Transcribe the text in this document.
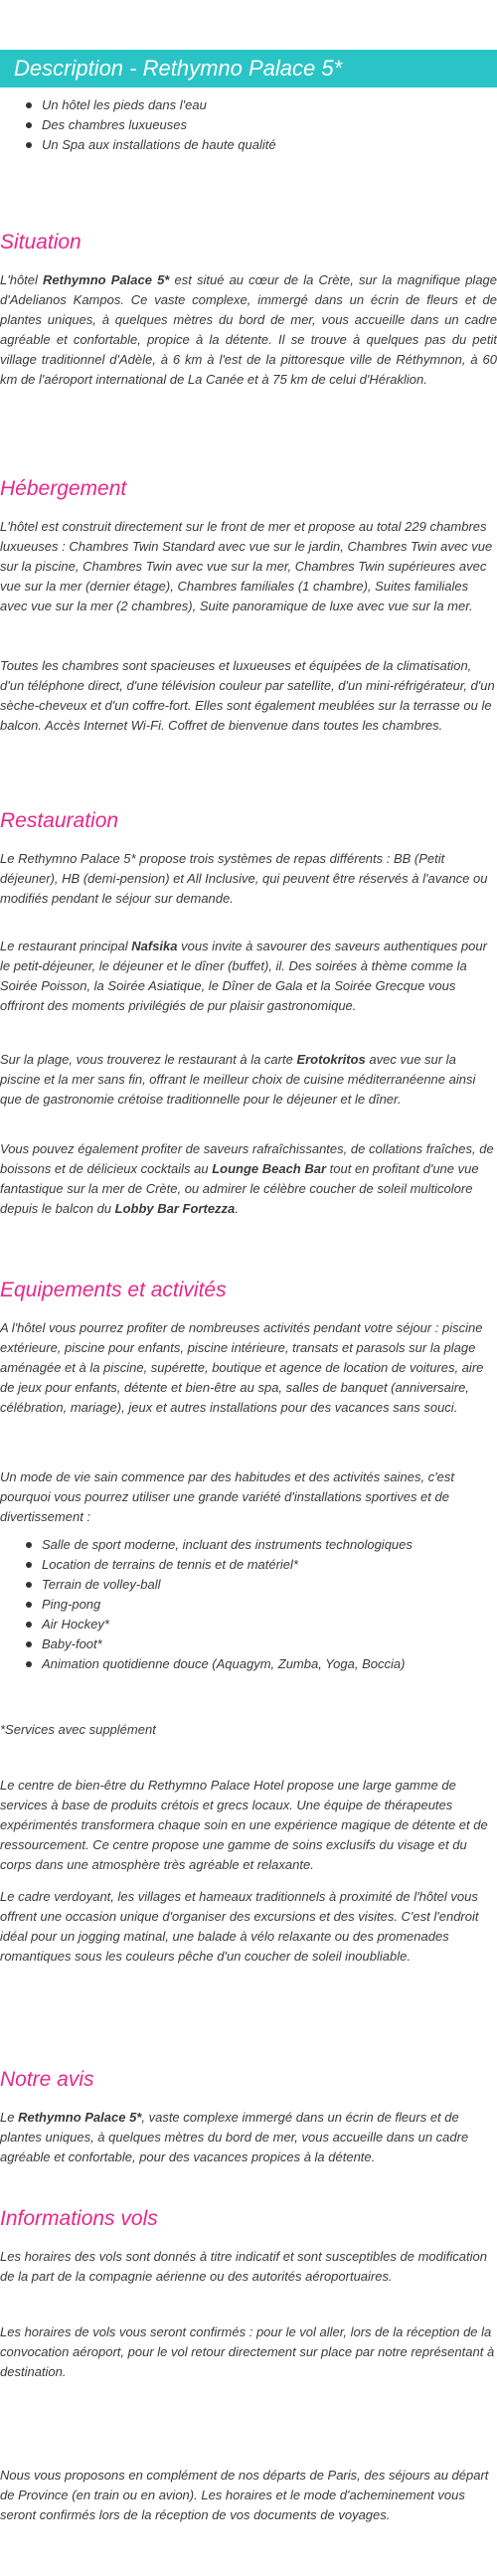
Description - Rethymno Palace 5*
Un hôtel les pieds dans l'eau
Des chambres luxueuses
Un Spa aux installations de haute qualité
Situation

L'hôtel Rethymno Palace 5* est situé au cœur de la Crète, sur la magnifique plage d'Adelianos Kampos. Ce vaste complexe, immergé dans un écrin de fleurs et de plantes uniques, à quelques mètres du bord de mer, vous accueille dans un cadre agréable et confortable, propice à la détente. Il se trouve à quelques pas du petit village traditionnel d'Adèle, à 6 km à l'est de la pittoresque ville de Réthymnon, à 60 km de l'aéroport international de La Canée et à 75 km de celui d'Héraklion.

Hébergement

L'hôtel est construit directement sur le front de mer et propose au total 229 chambres luxueuses : Chambres Twin Standard avec vue sur le jardin, Chambres Twin avec vue sur la piscine, Chambres Twin avec vue sur la mer, Chambres Twin supérieures avec vue sur la mer (dernier étage), Chambres familiales (1 chambre), Suites familiales avec vue sur la mer (2 chambres), Suite panoramique de luxe avec vue sur la mer.

Toutes les chambres sont spacieuses et luxueuses et équipées de la climatisation, d'un téléphone direct, d'une télévision couleur par satellite, d'un mini-réfrigérateur, d'un sèche-cheveux et d'un coffre-fort. Elles sont également meublées sur la terrasse ou le balcon. Accès Internet Wi-Fi. Coffret de bienvenue dans toutes les chambres.

Restauration

Le Rethymno Palace 5* propose trois systèmes de repas différents : BB (Petit déjeuner), HB (demi-pension) et All Inclusive, qui peuvent être réservés à l'avance ou modifiés pendant le séjour sur demande.

Le restaurant principal Nafsika vous invite à savourer des saveurs authentiques pour le petit-déjeuner, le déjeuner et le dîner (buffet), il. Des soirées à thème comme la Soirée Poisson, la Soirée Asiatique, le Dîner de Gala et la Soirée Grecque vous offriront des moments privilégiés de pur plaisir gastronomique.

Sur la plage, vous trouverez le restaurant à la carte Erotokritos avec vue sur la piscine et la mer sans fin, offrant le meilleur choix de cuisine méditerranéenne ainsi que de gastronomie crétoise traditionnelle pour le déjeuner et le dîner.

Vous pouvez également profiter de saveurs rafraîchissantes, de collations fraîches, de boissons et de délicieux cocktails au Lounge Beach Bar tout en profitant d'une vue fantastique sur la mer de Crète, ou admirer le célèbre coucher de soleil multicolore depuis le balcon du Lobby Bar Fortezza.

Equipements et activités

A l'hôtel vous pourrez profiter de nombreuses activités pendant votre séjour : piscine extérieure, piscine pour enfants, piscine intérieure, transats et parasols sur la plage aménagée et à la piscine, supérette, boutique et agence de location de voitures, aire de jeux pour enfants, détente et bien-être au spa, salles de banquet (anniversaire, célébration, mariage), jeux et autres installations pour des vacances sans souci.

Un mode de vie sain commence par des habitudes et des activités saines, c'est pourquoi vous pourrez utiliser une grande variété d'installations sportives et de divertissement :

Salle de sport moderne, incluant des instruments technologiques
Location de terrains de tennis et de matériel*
Terrain de volley-ball
Ping-pong
Air Hockey*
Baby-foot*
Animation quotidienne douce (Aquagym, Zumba, Yoga, Boccia)

*Services avec supplément

Le centre de bien-être du Rethymno Palace Hotel propose une large gamme de services à base de produits crétois et grecs locaux. Une équipe de thérapeutes expérimentés transformera chaque soin en une expérience magique de détente et de ressourcement. Ce centre propose une gamme de soins exclusifs du visage et du corps dans une atmosphère très agréable et relaxante.

Le cadre verdoyant, les villages et hameaux traditionnels à proximité de l'hôtel vous offrent une occasion unique d'organiser des excursions et des visites. C'est l'endroit idéal pour un jogging matinal, une balade à vélo relaxante ou des promenades romantiques sous les couleurs pêche d'un coucher de soleil inoubliable.

Notre avis

Le Rethymno Palace 5*, vaste complexe immergé dans un écrin de fleurs et de plantes uniques, à quelques mètres du bord de mer, vous accueille dans un cadre agréable et confortable, pour des vacances propices à la détente.

Informations vols

Les horaires des vols sont donnés à titre indicatif et sont susceptibles de modification de la part de la compagnie aérienne ou des autorités aéroportuaires.

Les horaires de vols vous seront confirmés : pour le vol aller, lors de la réception de la convocation aéroport, pour le vol retour directement sur place par notre représentant à destination.

Nous vous proposons en complément de nos départs de Paris, des séjours au départ de Province (en train ou en avion). Les horaires et le mode d'acheminement vous seront confirmés lors de la réception de vos documents de voyages.
